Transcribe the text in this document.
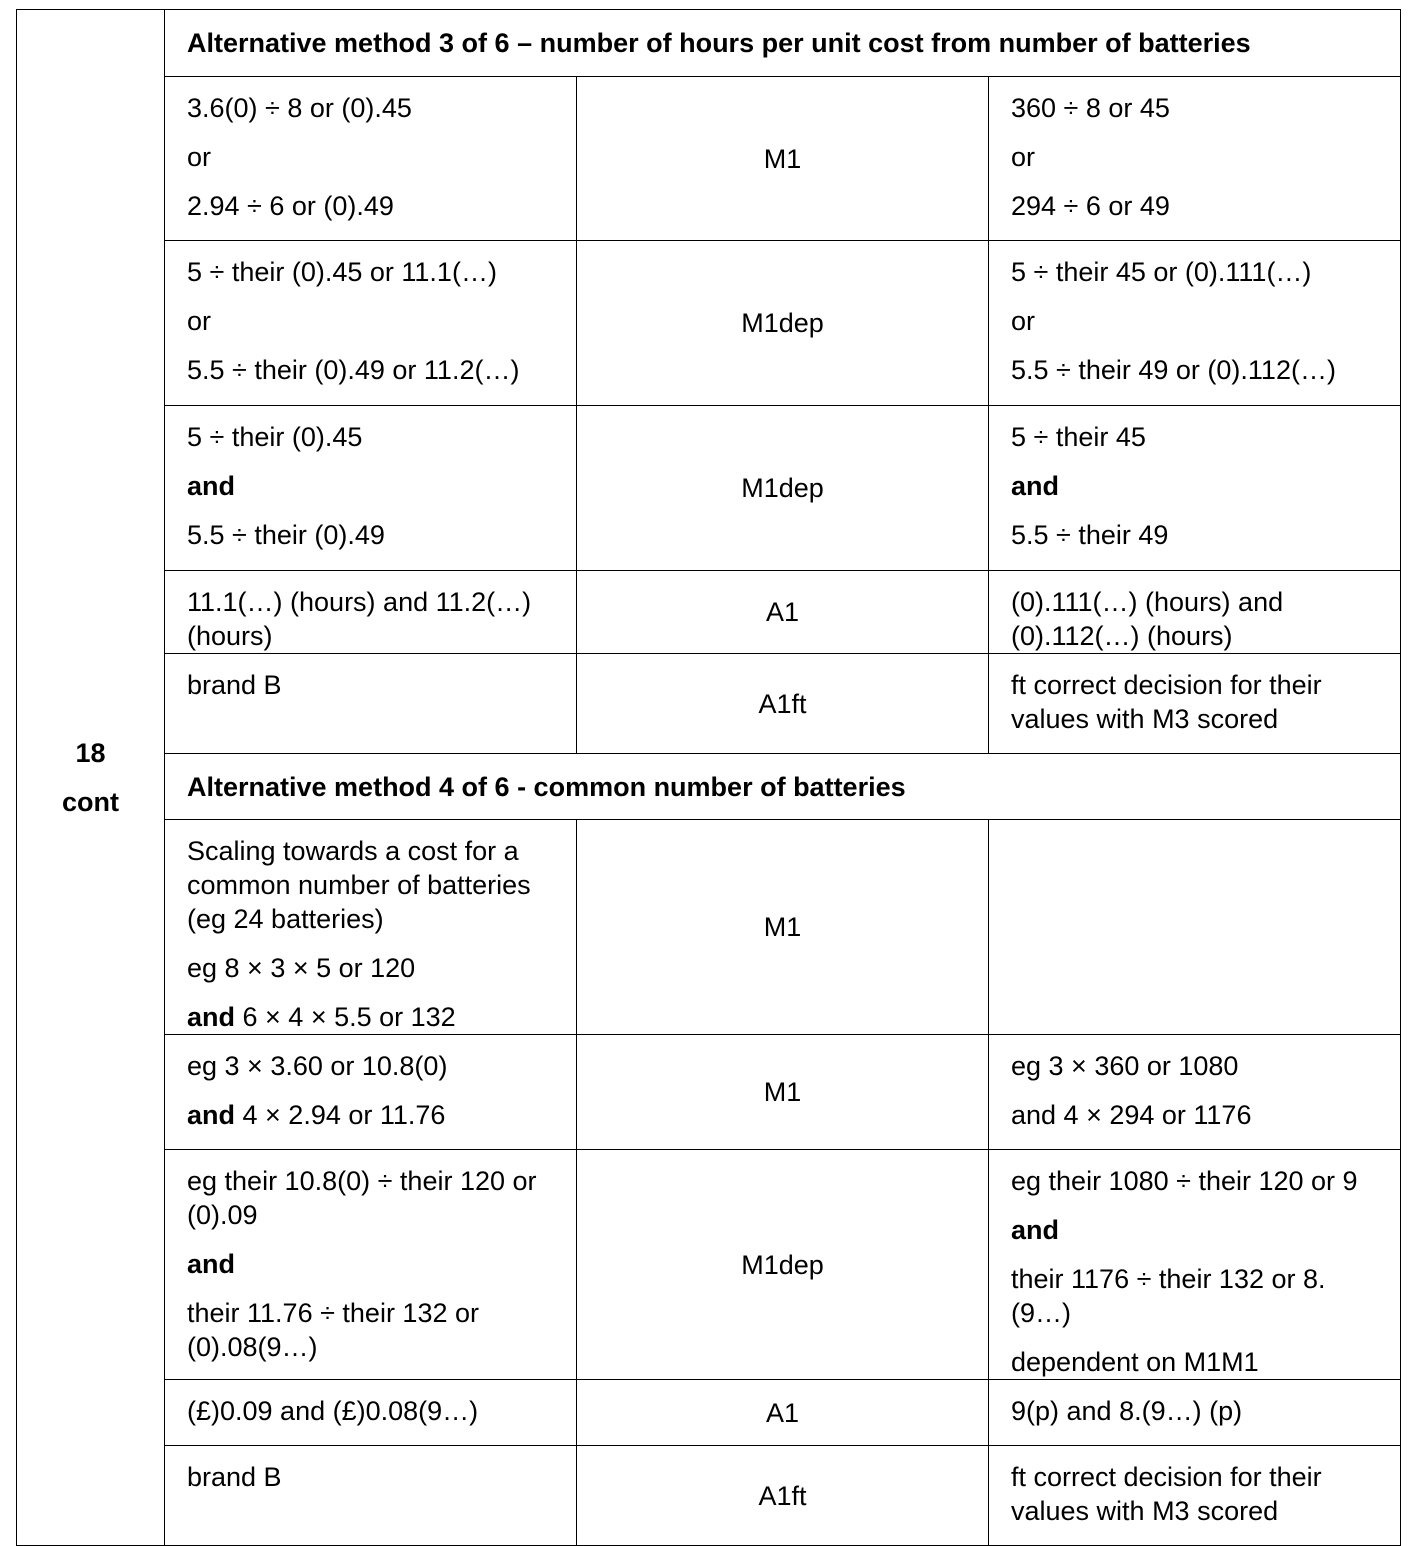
18
cont	Alternative method 3 of 6 – number of hours per unit cost from number of batteries		

	3.6(0) ÷ 8 or (0).45
or
2.94 ÷ 6 or (0).49	M1	360 ÷ 8 or 45
or
294 ÷ 6 or 49

	5 ÷ their (0).45 or 11.1(…)
or
5.5 ÷ their (0).49 or 11.2(…)	M1dep	5 ÷ their 45 or (0).111(…)
or
5.5 ÷ their 49 or (0).112(…)

	5 ÷ their (0).45
and
5.5 ÷ their (0).49	M1dep	5 ÷ their 45
and
5.5 ÷ their 49

	11.1(…) (hours) and 11.2(…) (hours)	A1	(0).111(…) (hours) and (0).112(…) (hours)

	brand B	A1ft	ft correct decision for their values with M3 scored

	Alternative method 4 of 6 - common number of batteries		

	Scaling towards a cost for a common number of batteries (eg 24 batteries)
eg 8 × 3 × 5 or 120
and 6 × 4 × 5.5 or 132	M1	

	eg 3 × 3.60 or 10.8(0)
and 4 × 2.94 or 11.76	M1	eg 3 × 360 or 1080
and 4 × 294 or 1176

	eg their 10.8(0) ÷ their 120 or (0).09
and
their 11.76 ÷ their 132 or (0).08(9…)	M1dep	eg their 1080 ÷ their 120 or 9
and
their 1176 ÷ their 132 or 8.(9…)
dependent on M1M1

	(£)0.09 and (£)0.08(9…)	A1	9(p) and 8.(9…) (p)

	brand B	A1ft	ft correct decision for their values with M3 scored
